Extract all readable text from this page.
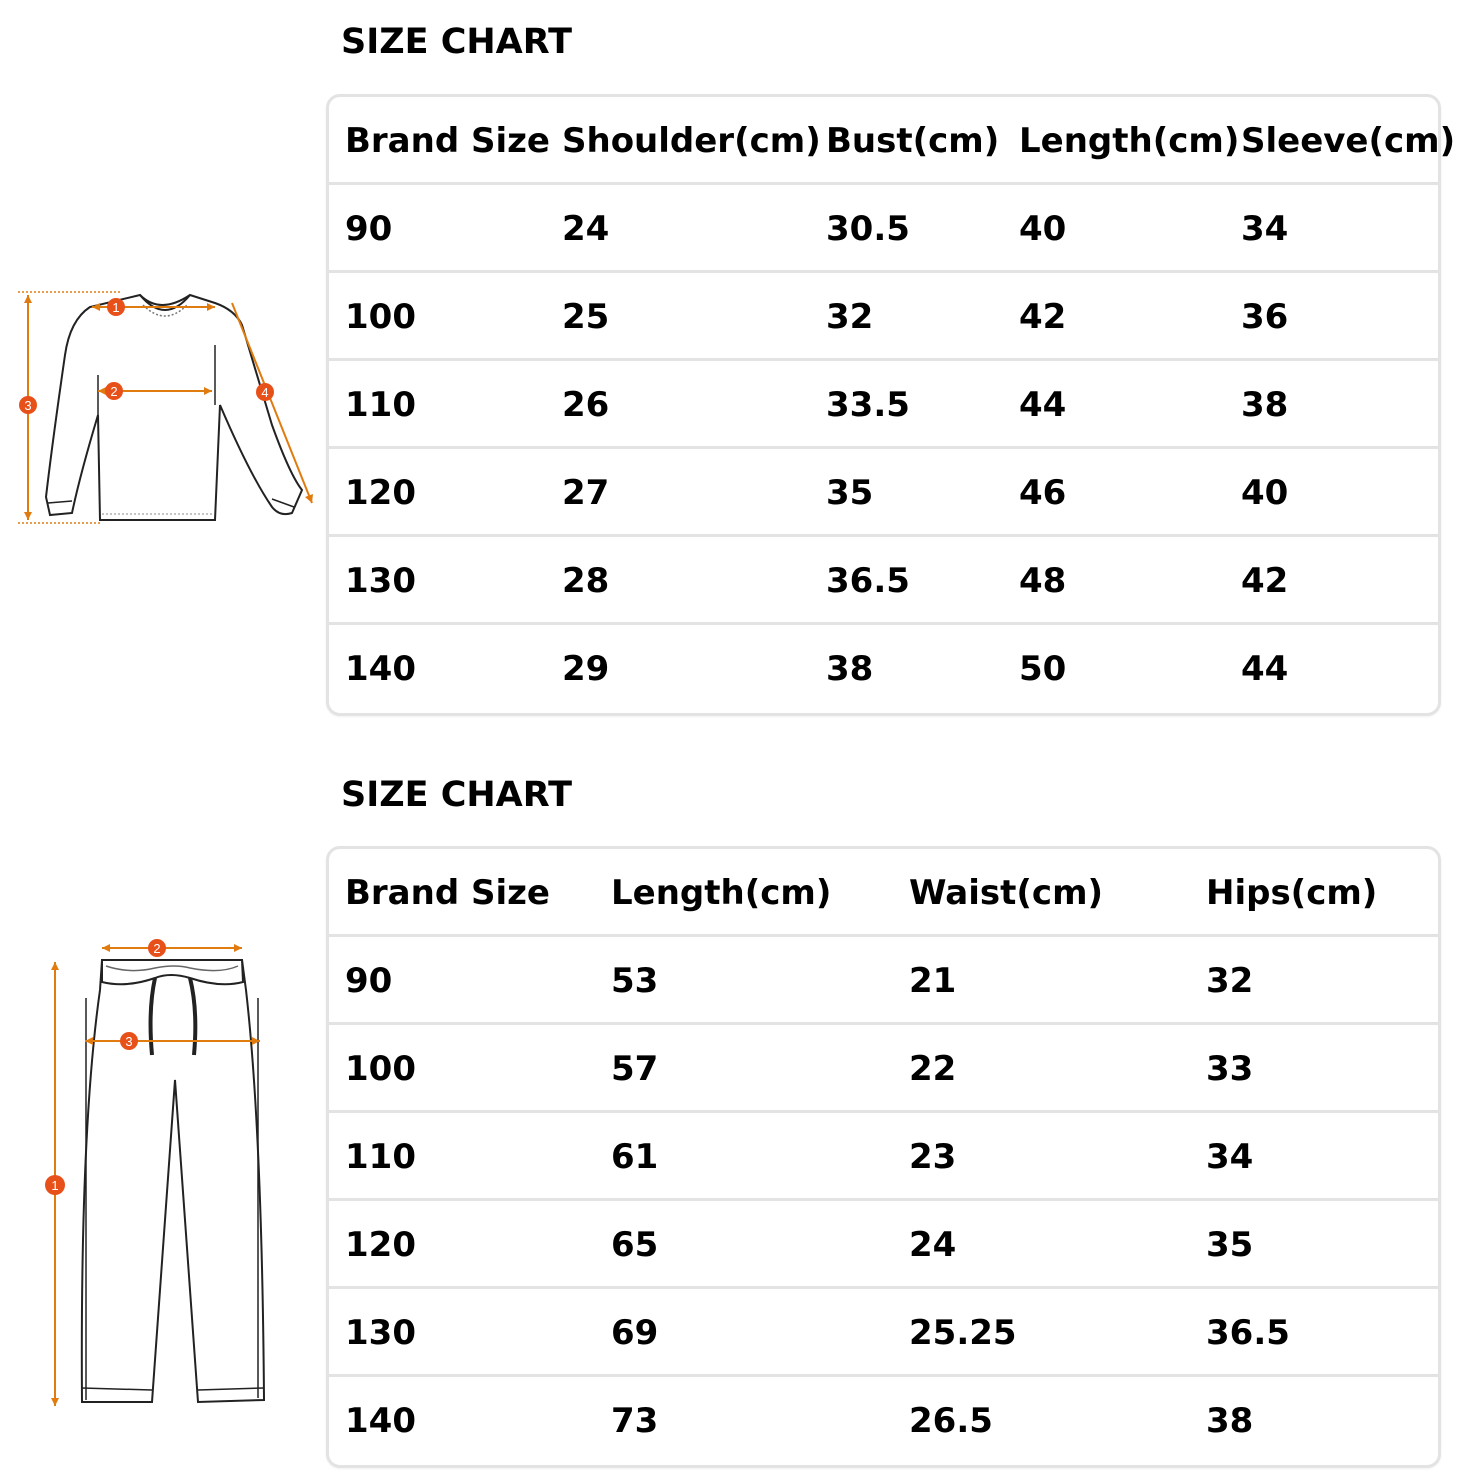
SIZE CHART
1
2
3
4
Brand Size Shoulder(cm) Bust(cm) Length(cm) Sleeve(cm)
90	24	30.5	40	34
100	25	32	42	36
110	26	33.5	44	38
120	27	35	46	40
130	28	36.5	48	42
140	29	38	50	44
SIZE CHART
2
3
1
Brand Size Length(cm) Waist(cm)	Hips(cm)
90	53	21	32
100	57	22	33
110	61	23	34
120	65	24	35
130	69	25.25	36.5
140	73	26.5	38
